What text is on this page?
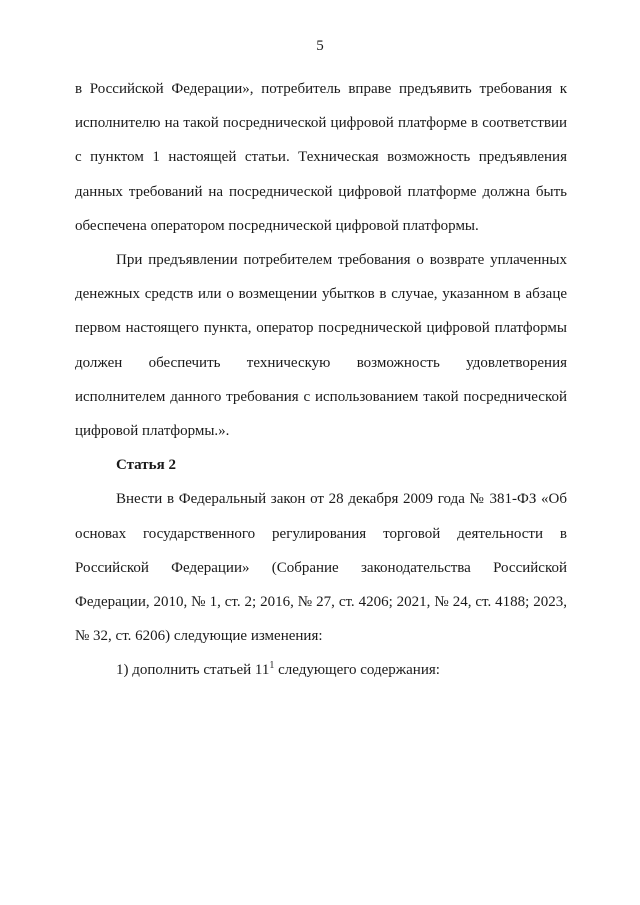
5

в Российской Федерации», потребитель вправе предъявить требования к исполнителю на такой посреднической цифровой платформе в соответствии с пунктом 1 настоящей статьи. Техническая возможность предъявления данных требований на посреднической цифровой платформе должна быть обеспечена оператором посреднической цифровой платформы.

При предъявлении потребителем требования о возврате уплаченных денежных средств или о возмещении убытков в случае, указанном в абзаце первом настоящего пункта, оператор посреднической цифровой платформы должен обеспечить техническую возможность удовлетворения исполнителем данного требования с использованием такой посреднической цифровой платформы.».

Статья 2

Внести в Федеральный закон от 28 декабря 2009 года № 381-ФЗ «Об основах государственного регулирования торговой деятельности в Российской Федерации» (Собрание законодательства Российской Федерации, 2010, № 1, ст. 2; 2016, № 27, ст. 4206; 2021, № 24, ст. 4188; 2023, № 32, ст. 6206) следующие изменения:

1) дополнить статьей $11^1$ следующего содержания:
